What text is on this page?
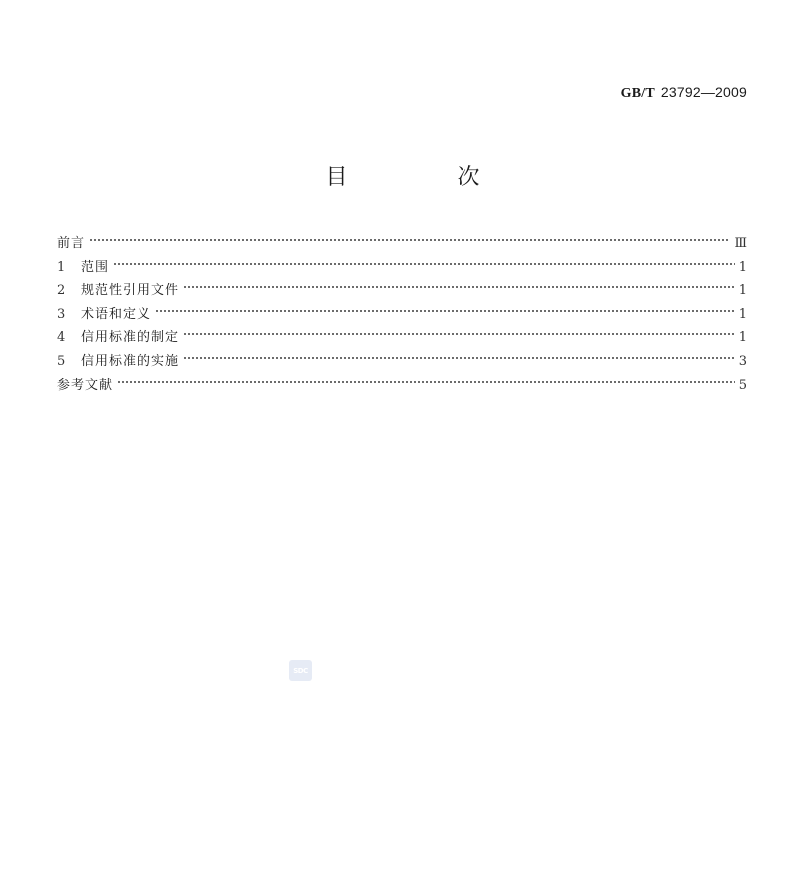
GB/T 23792—2009
目　次
前言	Ⅲ
1	范围	1
2	规范性引用文件	1
3	术语和定义	1
4	信用标准的制定	1
5	信用标准的实施	3
参考文献	5
SDC
